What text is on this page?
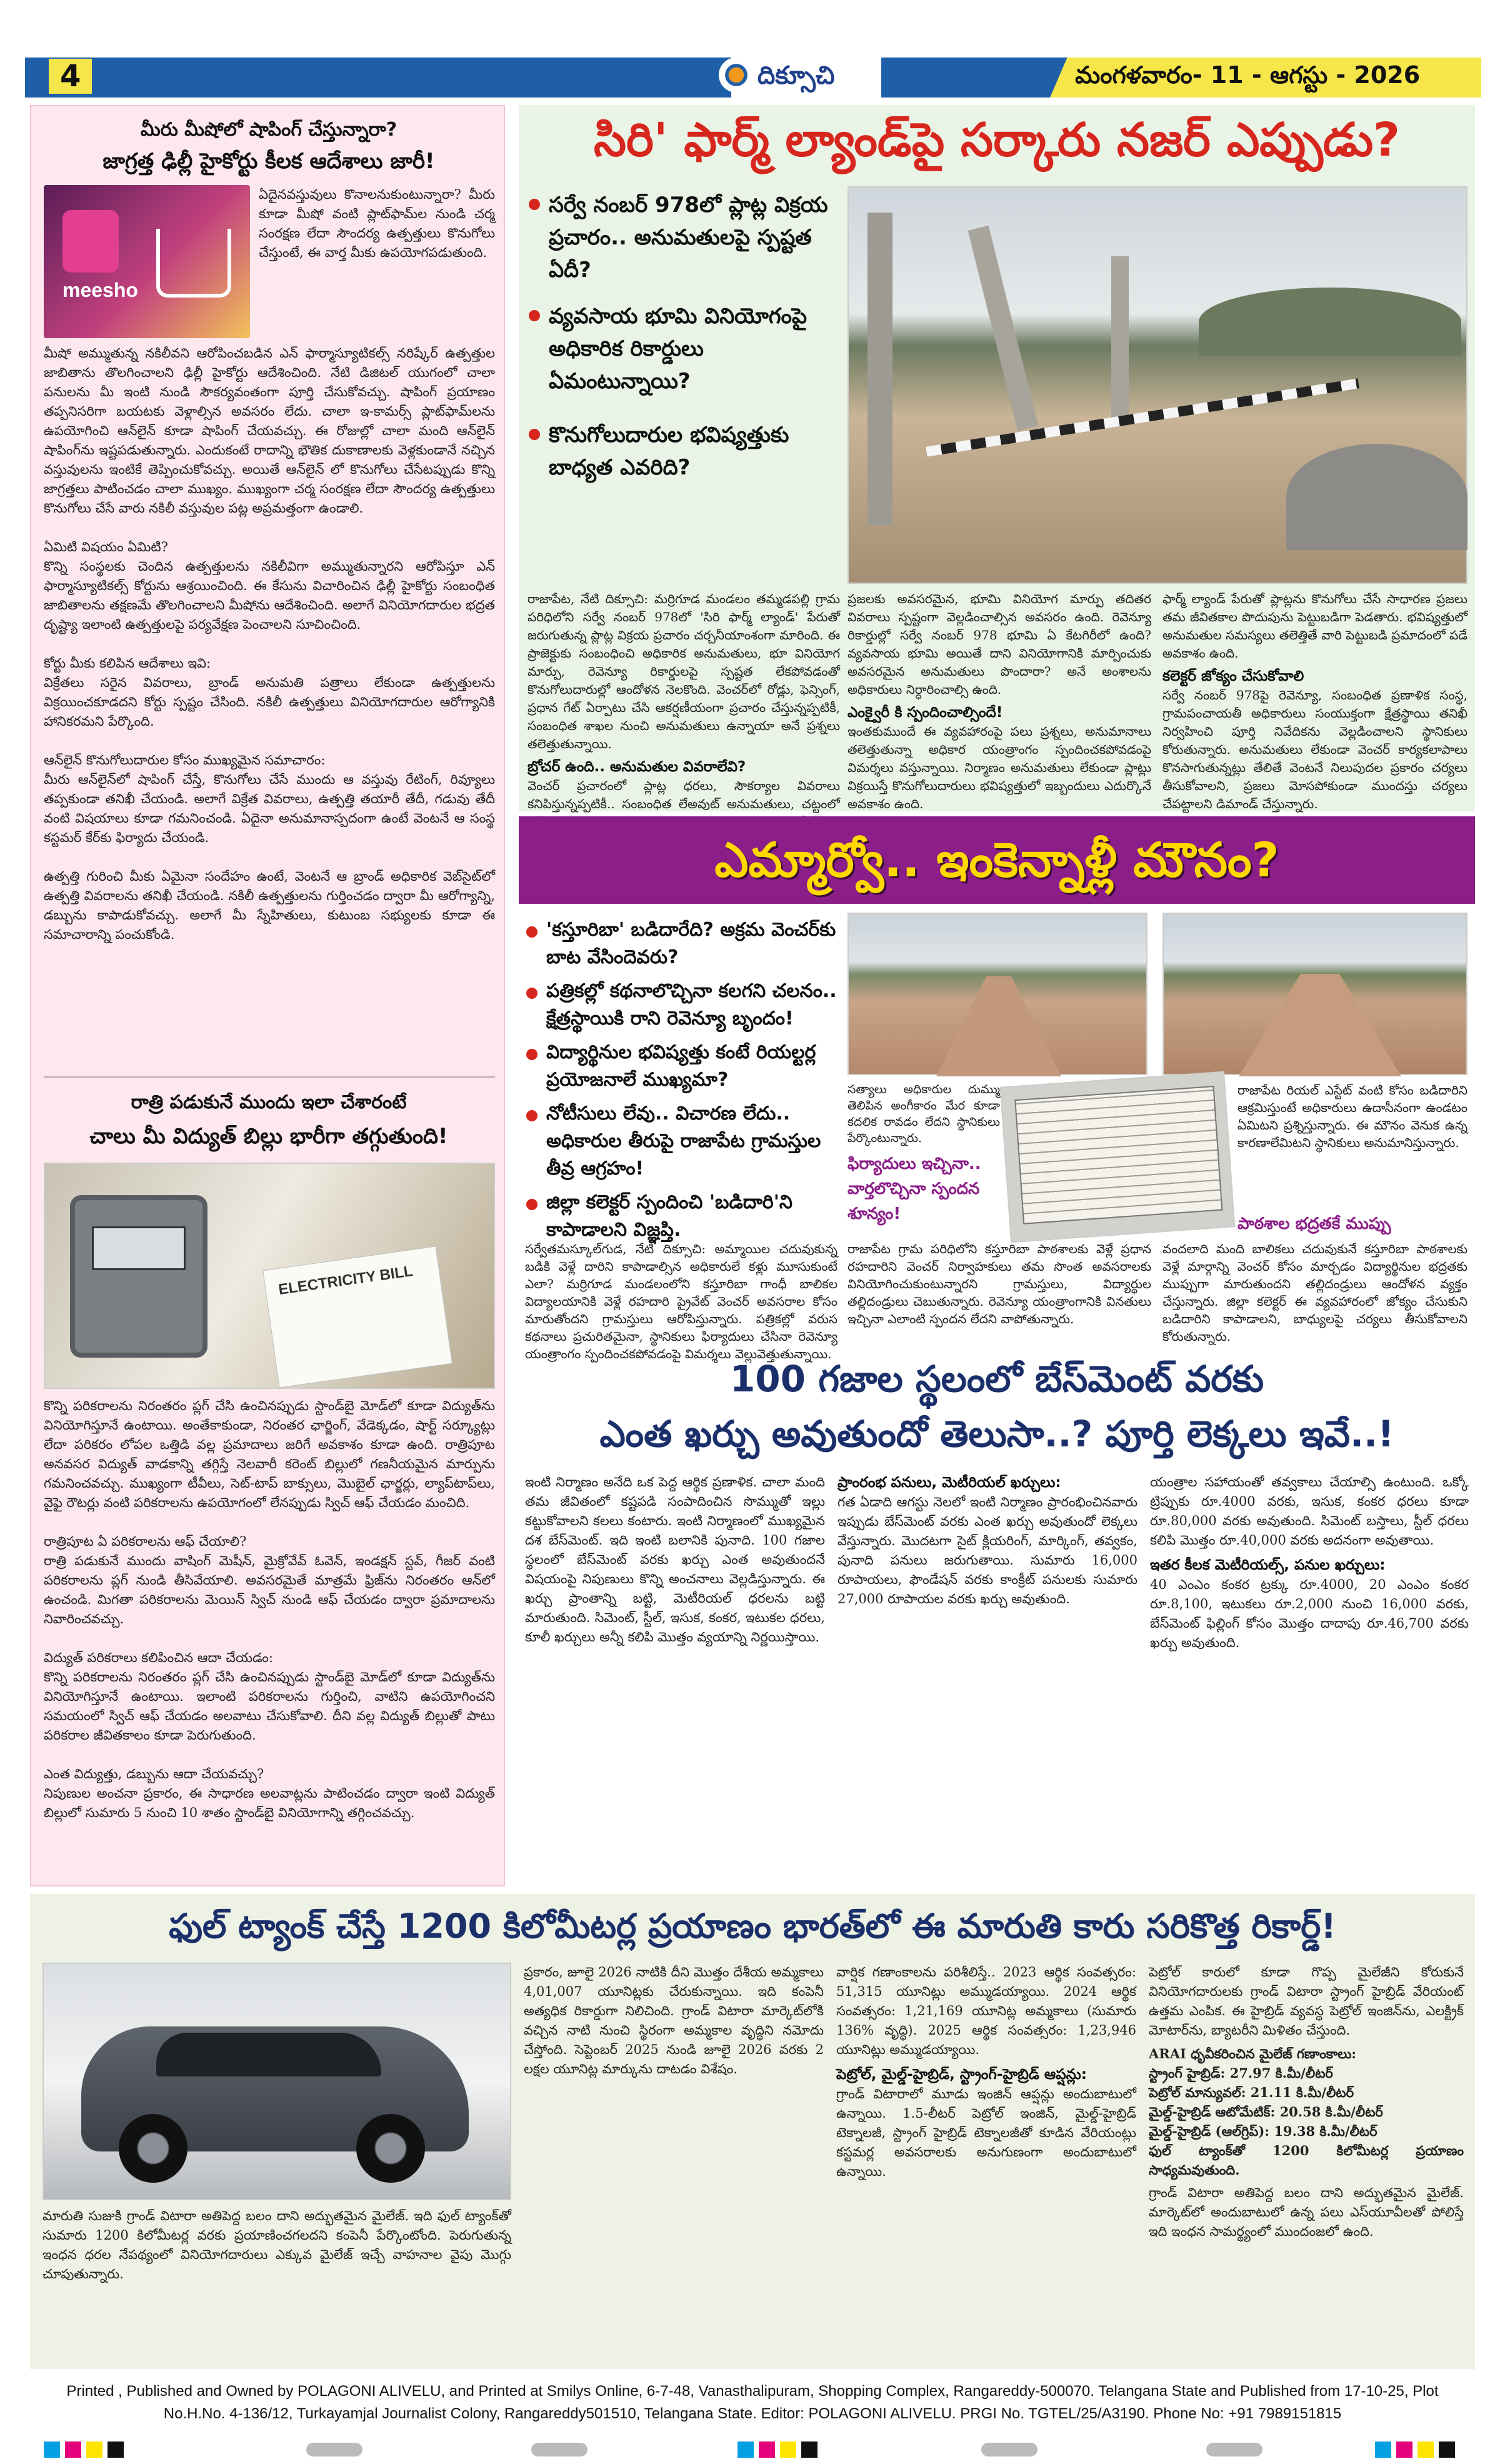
4	దిక్సూచి	మంగళవారం- 11 - ఆగస్టు - 2026
మీరు మీషోలో షాపింగ్ చేస్తున్నారా?
జాగ్రత్త ఢిల్లీ హైకోర్టు కీలక ఆదేశాలు జారీ!
meesho
ఏదైనవస్తువులు కొనాలనుకుంటున్నారా? మీరు కూడా మీషో వంటి ప్లాట్‌ఫామ్‌ల నుండి చర్మ సంరక్షణ లేదా సౌందర్య ఉత్పత్తులు కొనుగోలు చేస్తుంటే, ఈ వార్త మీకు ఉపయోగపడుతుంది.
మీషో అమ్ముతున్న నకిలీవని ఆరోపించబడిన ఎన్ ఫార్మాస్యూటికల్స్ నరిష్కేర్ ఉత్పత్తుల జాబితాను తొలగించాలని ఢిల్లీ హైకోర్టు ఆదేశించింది. నేటి డిజిటల్ యుగంలో చాలా పనులను మీ ఇంటి నుండి సౌకర్యవంతంగా పూర్తి చేసుకోవచ్చు. షాపింగ్ ప్రయాణం తప్పనిసరిగా బయటకు వెళ్లాల్సిన అవసరం లేదు. చాలా ఇ-కామర్స్ ప్లాట్‌ఫామ్‌లను ఉపయోగించి ఆన్‌లైన్ కూడా షాపింగ్ చేయవచ్చు. ఈ రోజుల్లో చాలా మంది ఆన్‌లైన్ షాపింగ్‌ను ఇష్టపడుతున్నారు. ఎందుకంటే రాదాన్ని భౌతిక దుకాణాలకు వెళ్లకుండానే నచ్చిన వస్తువులను ఇంటికే తెప్పించుకోవచ్చు. అయితే ఆన్‌లైన్ లో కొనుగోలు చేసేటప్పుడు కొన్ని జాగ్రత్తలు పాటించడం చాలా ముఖ్యం. ముఖ్యంగా చర్మ సంరక్షణ లేదా సౌందర్య ఉత్పత్తులు కొనుగోలు చేసే వారు నకిలీ వస్తువుల పట్ల అప్రమత్తంగా ఉండాలి.

ఏమిటి విషయం ఏమిటి?
కొన్ని సంస్థలకు చెందిన ఉత్పత్తులను నకిలీవిగా అమ్ముతున్నారని ఆరోపిస్తూ ఎన్ ఫార్మాస్యూటికల్స్ కోర్టును ఆశ్రయించింది. ఈ కేసును విచారించిన ఢిల్లీ హైకోర్టు సంబంధిత జాబితాలను తక్షణమే తొలగించాలని మీషోను ఆదేశించింది. అలాగే వినియోగదారుల భద్రత దృష్ట్యా ఇలాంటి ఉత్పత్తులపై పర్యవేక్షణ పెంచాలని సూచించింది.

కోర్టు మీకు కలిపిన ఆదేశాలు ఇవి:
విక్రేతలు సరైన వివరాలు, బ్రాండ్ అనుమతి పత్రాలు లేకుండా ఉత్పత్తులను విక్రయించకూడదని కోర్టు స్పష్టం చేసింది. నకిలీ ఉత్పత్తులు వినియోగదారుల ఆరోగ్యానికి హానికరమని పేర్కొంది.

ఆన్‌లైన్ కొనుగోలుదారుల కోసం ముఖ్యమైన సమాచారం:
మీరు ఆన్‌లైన్‌లో షాపింగ్ చేస్తే, కొనుగోలు చేసే ముందు ఆ వస్తువు రేటింగ్, రివ్యూలు తప్పకుండా తనిఖీ చేయండి. అలాగే విక్రేత వివరాలు, ఉత్పత్తి తయారీ తేదీ, గడువు తేదీ వంటి విషయాలు కూడా గమనించండి. ఏదైనా అనుమానాస్పదంగా ఉంటే వెంటనే ఆ సంస్థ కస్టమర్ కేర్‌కు ఫిర్యాదు చేయండి.

ఉత్పత్తి గురించి మీకు ఏమైనా సందేహం ఉంటే, వెంటనే ఆ బ్రాండ్ అధికారిక వెబ్‌సైట్‌లో ఉత్పత్తి వివరాలను తనిఖీ చేయండి. నకిలీ ఉత్పత్తులను గుర్తించడం ద్వారా మీ ఆరోగ్యాన్ని, డబ్బును కాపాడుకోవచ్చు. అలాగే మీ స్నేహితులు, కుటుంబ సభ్యులకు కూడా ఈ సమాచారాన్ని పంచుకోండి.
రాత్రి పడుకునే ముందు ఇలా చేశారంటే
చాలు మీ విద్యుత్ బిల్లు భారీగా తగ్గుతుంది!
ELECTRICITY BILL
కొన్ని పరికరాలను నిరంతరం ప్లగ్ చేసి ఉంచినప్పుడు స్టాండ్‌బై మోడ్‌లో కూడా విద్యుత్‌ను వినియోగిస్తూనే ఉంటాయి. అంతేకాకుండా, నిరంతర ఛార్జింగ్, వేడెక్కడం, షార్ట్ సర్క్యూట్లు లేదా పరికరం లోపల ఒత్తిడి వల్ల ప్రమాదాలు జరిగే అవకాశం కూడా ఉంది. రాత్రిపూట అనవసర విద్యుత్ వాడకాన్ని తగ్గిస్తే నెలవారీ కరెంట్ బిల్లులో గణనీయమైన మార్పును గమనించవచ్చు. ముఖ్యంగా టీవీలు, సెట్-టాప్ బాక్సులు, మొబైల్ ఛార్జర్లు, ల్యాప్‌టాప్‌లు, వైఫై రౌటర్లు వంటి పరికరాలను ఉపయోగంలో లేనప్పుడు స్విచ్ ఆఫ్ చేయడం మంచిది.

రాత్రిపూట ఏ పరికరాలను ఆఫ్ చేయాలి?
రాత్రి పడుకునే ముందు వాషింగ్ మెషీన్, మైక్రోవేవ్ ఓవెన్, ఇండక్షన్ స్టవ్, గీజర్ వంటి పరికరాలను ప్లగ్ నుండి తీసివేయాలి. అవసరమైతే మాత్రమే ఫ్రిజ్‌ను నిరంతరం ఆన్‌లో ఉంచండి. మిగతా పరికరాలను మెయిన్ స్విచ్ నుండి ఆఫ్ చేయడం ద్వారా ప్రమాదాలను నివారించవచ్చు.

విద్యుత్ పరికరాలు కలిపించిన ఆదా చేయడం:
కొన్ని పరికరాలను నిరంతరం ప్లగ్ చేసి ఉంచినప్పుడు స్టాండ్‌బై మోడ్‌లో కూడా విద్యుత్‌ను వినియోగిస్తూనే ఉంటాయి. ఇలాంటి పరికరాలను గుర్తించి, వాటిని ఉపయోగించని సమయంలో స్విచ్ ఆఫ్ చేయడం అలవాటు చేసుకోవాలి. దీని వల్ల విద్యుత్ బిల్లుతో పాటు పరికరాల జీవితకాలం కూడా పెరుగుతుంది.

ఎంత విద్యుత్తు, డబ్బును ఆదా చేయవచ్చు?
నిపుణుల అంచనా ప్రకారం, ఈ సాధారణ అలవాట్లను పాటించడం ద్వారా ఇంటి విద్యుత్ బిల్లులో సుమారు 5 నుంచి 10 శాతం స్టాండ్‌బై వినియోగాన్ని తగ్గించవచ్చు.
సిరి' ఫార్మ్ ల్యాండ్‌పై సర్కారు నజర్ ఎప్పుడు?
సర్వే నంబర్ 978లో ప్లాట్ల విక్రయ ప్రచారం.. అనుమతులపై స్పష్టత ఏదీ?
వ్యవసాయ భూమి వినియోగంపై అధికారిక రికార్డులు ఏమంటున్నాయి?
కొనుగోలుదారుల భవిష్యత్తుకు బాధ్యత ఎవరిది?
రాజాపేట, నేటి దిక్సూచి: మర్రిగూడ మండలం తమ్మడపల్లి గ్రామ పరిధిలోని సర్వే నంబర్ 978లో 'సిరి ఫార్మ్ ల్యాండ్' పేరుతో జరుగుతున్న ప్లాట్ల విక్రయ ప్రచారం చర్చనీయాంశంగా మారింది. ఈ ప్రాజెక్టుకు సంబంధించి అధికారిక అనుమతులు, భూ వినియోగ మార్పు, రెవెన్యూ రికార్డులపై స్పష్టత లేకపోవడంతో కొనుగోలుదారుల్లో ఆందోళన నెలకొంది. వెంచర్‌లో రోడ్లు, ఫెన్సింగ్, ప్రధాన గేట్ ఏర్పాటు చేసి ఆకర్షణీయంగా ప్రచారం చేస్తున్నప్పటికీ, సంబంధిత శాఖల నుంచి అనుమతులు ఉన్నాయా అనే ప్రశ్నలు తలెత్తుతున్నాయి.
బ్రోచర్ ఉంది.. అనుమతుల వివరాలేవి?
వెంచర్ ప్రచారంలో ప్లాట్ల ధరలు, సౌకర్యాల వివరాలు కనిపిస్తున్నప్పటికీ.. సంబంధిత లేఅవుట్ అనుమతులు, చట్టంలో
ప్రజలకు అవసరమైన, భూమి వినియోగ మార్పు తదితర వివరాలు స్పష్టంగా వెల్లడించాల్సిన అవసరం ఉంది. రెవెన్యూ రికార్డుల్లో సర్వే నంబర్ 978 భూమి ఏ కేటగిరీలో ఉంది? వ్యవసాయ భూమి అయితే దాని వినియోగానికి మార్పించుకు అవసరమైన అనుమతులు పొందారా? అనే అంశాలను అధికారులు నిర్ధారించాల్సి ఉంది.
ఎంక్వైరీ కి స్పందించాల్సిందే!
ఇంతకుముందే ఈ వ్యవహారంపై పలు ప్రశ్నలు, అనుమానాలు తలెత్తుతున్నా అధికార యంత్రాంగం స్పందించకపోవడంపై విమర్శలు వస్తున్నాయి. నిర్మాణం అనుమతులు లేకుండా ప్లాట్లు విక్రయిస్తే కొనుగోలుదారులు భవిష్యత్తులో ఇబ్బందులు ఎదుర్కొనే అవకాశం ఉంది.
ఫార్మ్ ల్యాండ్ పేరుతో ప్లాట్లను కొనుగోలు చేసే సాధారణ ప్రజలు తమ జీవితకాల పొదుపును పెట్టుబడిగా పెడతారు. భవిష్యత్తులో అనుమతుల సమస్యలు తలెత్తితే వారి పెట్టుబడి ప్రమాదంలో పడే అవకాశం ఉంది.
కలెక్టర్ జోక్యం చేసుకోవాలి
సర్వే నంబర్ 978పై రెవెన్యూ, సంబంధిత ప్రణాళిక సంస్థ, గ్రామపంచాయతీ అధికారులు సంయుక్తంగా క్షేత్రస్థాయి తనిఖీ నిర్వహించి పూర్తి నివేదికను వెల్లడించాలని స్థానికులు కోరుతున్నారు. అనుమతులు లేకుండా వెంచర్ కార్యకలాపాలు కొనసాగుతున్నట్లు తేలితే వెంటనే నిలుపుదల ప్రకారం చర్యలు తీసుకోవాలని, ప్రజలు మోసపోకుండా ముందస్తు చర్యలు చేపట్టాలని డిమాండ్ చేస్తున్నారు.
ఎమ్మార్వో.. ఇంకెన్నాళ్లీ మౌనం?
'కస్తూరిబా' బడిదారేది? అక్రమ వెంచర్‌కు బాట వేసిందెవరు?
పత్రికల్లో కథనాలొచ్చినా కలగని చలనం.. క్షేత్రస్థాయికి రాని రెవెన్యూ బృందం!
విద్యార్థినుల భవిష్యత్తు కంటే రియల్టర్ల ప్రయోజనాలే ముఖ్యమా?
నోటీసులు లేవు.. విచారణ లేదు.. అధికారుల తీరుపై రాజాపేట గ్రామస్తుల తీవ్ర ఆగ్రహం!
జిల్లా కలెక్టర్ స్పందించి 'బడిదారి'ని కాపాడాలని విజ్ఞప్తి.
సత్యాలు అధికారుల దుమ్ము తెలిపిన అంగీకారం మేర కూడా కదలిక రావడం లేదని స్థానికులు పేర్కొంటున్నారు.
ఫిర్యాదులు ఇచ్చినా.. వార్తలొచ్చినా స్పందన శూన్యం!
రాజాపేట రియల్ ఎస్టేట్ వంటి కోసం బడిదారిని ఆక్రమిస్తుంటే అధికారులు ఉదాసీనంగా ఉండటం ఏమిటని ప్రశ్నిస్తున్నారు. ఈ మౌనం వెనుక ఉన్న కారణాలేమిటని స్థానికులు అనుమానిస్తున్నారు.
పాఠశాల భద్రతకే ముప్పు
సర్వేతమస్కూల్‌గుడ, నేటి దిక్సూచి: అమ్మాయిల చదువుకున్న బడికి వెళ్లే దారిని కాపాడాల్సిన అధికారులే కళ్లు మూసుకుంటే ఎలా? మర్రిగూడ మండలంలోని కస్తూరిబా గాంధీ బాలికల విద్యాలయానికి వెళ్లే రహదారి ప్రైవేట్ వెంచర్ అవసరాల కోసం మారుతోందని గ్రామస్తులు ఆరోపిస్తున్నారు. పత్రికల్లో వరుస కథనాలు ప్రచురితమైనా, స్థానికులు ఫిర్యాదులు చేసినా రెవెన్యూ యంత్రాంగం స్పందించకపోవడంపై విమర్శలు వెల్లువెత్తుతున్నాయి.
రాజాపేట గ్రామ పరిధిలోని కస్తూరిబా పాఠశాలకు వెళ్లే ప్రధాన రహదారిని వెంచర్ నిర్వాహకులు తమ సొంత అవసరాలకు వినియోగించుకుంటున్నారని గ్రామస్తులు, విద్యార్థుల తల్లిదండ్రులు చెబుతున్నారు. రెవెన్యూ యంత్రాంగానికి వినతులు ఇచ్చినా ఎలాంటి స్పందన లేదని వాపోతున్నారు.
వందలాది మంది బాలికలు చదువుకునే కస్తూరిబా పాఠశాలకు వెళ్లే మార్గాన్ని వెంచర్ కోసం మార్చడం విద్యార్థినుల భద్రతకు ముప్పుగా మారుతుందని తల్లిదండ్రులు ఆందోళన వ్యక్తం చేస్తున్నారు. జిల్లా కలెక్టర్ ఈ వ్యవహారంలో జోక్యం చేసుకుని బడిదారిని కాపాడాలని, బాధ్యులపై చర్యలు తీసుకోవాలని కోరుతున్నారు.
100 గజాల స్థలంలో బేస్‌మెంట్ వరకు
ఎంత ఖర్చు అవుతుందో తెలుసా..? పూర్తి లెక్కలు ఇవే..!
ఇంటి నిర్మాణం అనేది ఒక పెద్ద ఆర్థిక ప్రణాళిక. చాలా మంది తమ జీవితంలో కష్టపడి సంపాదించిన సొమ్ముతో ఇల్లు కట్టుకోవాలని కలలు కంటారు. ఇంటి నిర్మాణంలో ముఖ్యమైన దశ బేస్‌మెంట్. ఇది ఇంటి బలానికి పునాది. 100 గజాల స్థలంలో బేస్‌మెంట్ వరకు ఖర్చు ఎంత అవుతుందనే విషయంపై నిపుణులు కొన్ని అంచనాలు వెల్లడిస్తున్నారు. ఈ ఖర్చు ప్రాంతాన్ని బట్టి, మెటీరియల్ ధరలను బట్టి మారుతుంది. సిమెంట్, స్టీల్, ఇసుక, కంకర, ఇటుకల ధరలు, కూలీ ఖర్చులు అన్నీ కలిపి మొత్తం వ్యయాన్ని నిర్ణయిస్తాయి.
ప్రాంరంభ పనులు, మెటీరియల్ ఖర్చులు:
గత ఏడాది ఆగస్టు నెలలో ఇంటి నిర్మాణం ప్రారంభించినవారు ఇప్పుడు బేస్‌మెంట్ వరకు ఎంత ఖర్చు అవుతుందో లెక్కలు వేస్తున్నారు. మొదటగా సైట్ క్లియరింగ్, మార్కింగ్, తవ్వకం, పునాది పనులు జరుగుతాయి. సుమారు 16,000 రూపాయలు, ఫౌండేషన్ వరకు కాంక్రీట్ పనులకు సుమారు 27,000 రూపాయల వరకు ఖర్చు అవుతుంది.
యంత్రాల సహాయంతో తవ్వకాలు చేయాల్సి ఉంటుంది. ఒక్కో ట్రిప్పుకు రూ.4000 వరకు, ఇసుక, కంకర ధరలు కూడా రూ.80,000 వరకు అవుతుంది. సిమెంట్ బస్తాలు, స్టీల్ ధరలు కలిపి మొత్తం రూ.40,000 వరకు అదనంగా అవుతాయి.
ఇతర కీలక మెటీరియల్స్, పనుల ఖర్చులు:
40 ఎంఎం కంకర ట్రక్కు రూ.4000, 20 ఎంఎం కంకర రూ.8,100, ఇటుకలు రూ.2,000 నుంచి 16,000 వరకు, బేస్‌మెంట్ ఫిల్లింగ్ కోసం మొత్తం దాదాపు రూ.46,700 వరకు ఖర్చు అవుతుంది.
ఫుల్ ట్యాంక్ చేస్తే 1200 కిలోమీటర్ల ప్రయాణం భారత్‌లో ఈ మారుతి కారు సరికొత్త రికార్డ్!
మారుతి సుజుకి గ్రాండ్ విటారా అతిపెద్ద బలం దాని అద్భుతమైన మైలేజ్. ఇది ఫుల్ ట్యాంక్‌తో సుమారు 1200 కిలోమీటర్ల వరకు ప్రయాణించగలదని కంపెనీ పేర్కొంటోంది. పెరుగుతున్న ఇంధన ధరల నేపథ్యంలో వినియోగదారులు ఎక్కువ మైలేజ్ ఇచ్చే వాహనాల వైపు మొగ్గు చూపుతున్నారు.
ప్రకారం, జూలై 2026 నాటికి దీని మొత్తం దేశీయ అమ్మకాలు 4,01,007 యూనిట్లకు చేరుకున్నాయి. ఇది కంపెనీ అత్యధిక రికార్డుగా నిలిచింది. గ్రాండ్ విటారా మార్కెట్‌లోకి వచ్చిన నాటి నుంచి స్థిరంగా అమ్మకాల వృద్ధిని నమోదు చేస్తోంది. సెప్టెంబర్ 2025 నుండి జూలై 2026 వరకు 2 లక్షల యూనిట్ల మార్కును దాటడం విశేషం.
వార్షిక గణాంకాలను పరిశీలిస్తే.. 2023 ఆర్థిక సంవత్సరం: 51,315 యూనిట్లు అమ్ముడయ్యాయి. 2024 ఆర్థిక సంవత్సరం: 1,21,169 యూనిట్ల అమ్మకాలు (సుమారు 136% వృద్ధి). 2025 ఆర్థిక సంవత్సరం: 1,23,946 యూనిట్లు అమ్ముడయ్యాయి.
పెట్రోల్, మైల్డ్-హైబ్రిడ్, స్ట్రాంగ్-హైబ్రిడ్ ఆప్షన్లు:
గ్రాండ్ విటారాలో మూడు ఇంజిన్ ఆప్షన్లు అందుబాటులో ఉన్నాయి. 1.5-లీటర్ పెట్రోల్ ఇంజిన్, మైల్డ్-హైబ్రిడ్ టెక్నాలజీ, స్ట్రాంగ్ హైబ్రిడ్ టెక్నాలజీతో కూడిన వేరియంట్లు కస్టమర్ల అవసరాలకు అనుగుణంగా అందుబాటులో ఉన్నాయి.
పెట్రోల్ కారులో కూడా గొప్ప మైలేజీని కోరుకునే వినియోగదారులకు గ్రాండ్ విటారా స్ట్రాంగ్ హైబ్రిడ్ వేరియంట్ ఉత్తమ ఎంపిక. ఈ హైబ్రిడ్ వ్యవస్థ పెట్రోల్ ఇంజిన్‌ను, ఎలక్ట్రిక్ మోటార్‌ను, బ్యాటరీని మిళితం చేస్తుంది.
ARAI ధృవీకరించిన మైలేజ్ గణాంకాలు:
స్ట్రాంగ్ హైబ్రిడ్: 27.97 కి.మీ/లీటర్
పెట్రోల్ మాన్యువల్: 21.11 కి.మీ/లీటర్
మైల్డ్-హైబ్రిడ్ ఆటోమేటిక్: 20.58 కి.మీ/లీటర్
మైల్డ్-హైబ్రిడ్ (ఆల్‌గ్రిప్): 19.38 కి.మీ/లీటర్
ఫుల్ ట్యాంక్‌తో 1200 కిలోమీటర్ల ప్రయాణం సాధ్యమవుతుంది.
గ్రాండ్ విటారా అతిపెద్ద బలం దాని అద్భుతమైన మైలేజ్. మార్కెట్‌లో అందుబాటులో ఉన్న పలు ఎస్‌యూవీలతో పోలిస్తే ఇది ఇంధన సామర్థ్యంలో ముందంజలో ఉంది.
Printed , Published and Owned by POLAGONI ALIVELU, and Printed at Smilys Online, 6-7-48, Vanasthalipuram, Shopping Complex, Rangareddy-500070. Telangana State and Published from 17-10-25, Plot
No.H.No. 4-136/12, Turkayamjal Journalist Colony, Rangareddy501510, Telangana State. Editor: POLAGONI ALIVELU. PRGI No. TGTEL/25/A3190. Phone No: +91 7989151815
